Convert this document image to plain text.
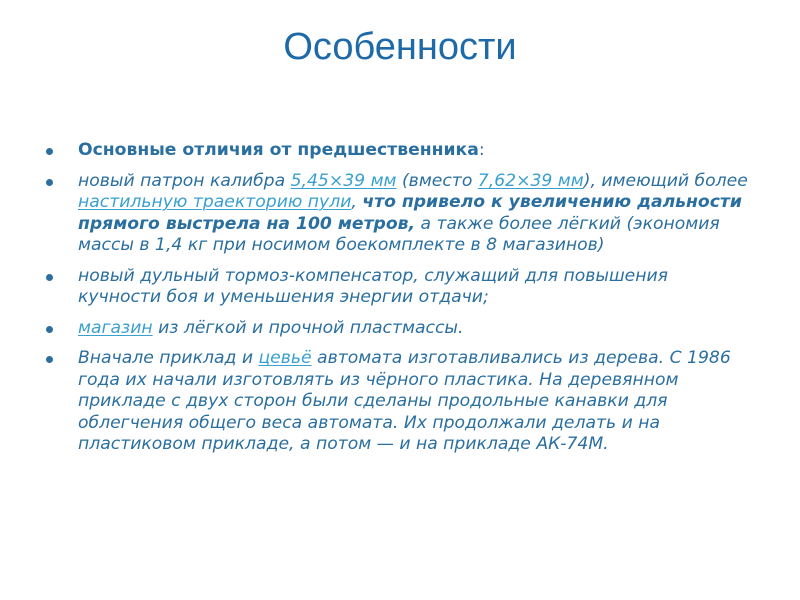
Особенности
Основные отличия от предшественника:
новый патрон калибра 5,45×39 мм (вместо 7,62×39 мм), имеющий более настильную траекторию пули, что привело к увеличению дальности прямого выстрела на 100 метров, а также более лёгкий (экономия массы в 1,4 кг при носимом боекомплекте в 8 магазинов)
новый дульный тормоз-компенсатор, служащий для повышения кучности боя и уменьшения энергии отдачи;
магазин из лёгкой и прочной пластмассы.
Вначале приклад и цевьё автомата изготавливались из дерева. С 1986 года их начали изготовлять из чёрного пластика. На деревянном прикладе с двух сторон были сделаны продольные канавки для облегчения общего веса автомата. Их продолжали делать и на пластиковом прикладе, а потом — и на прикладе АК-74М.
